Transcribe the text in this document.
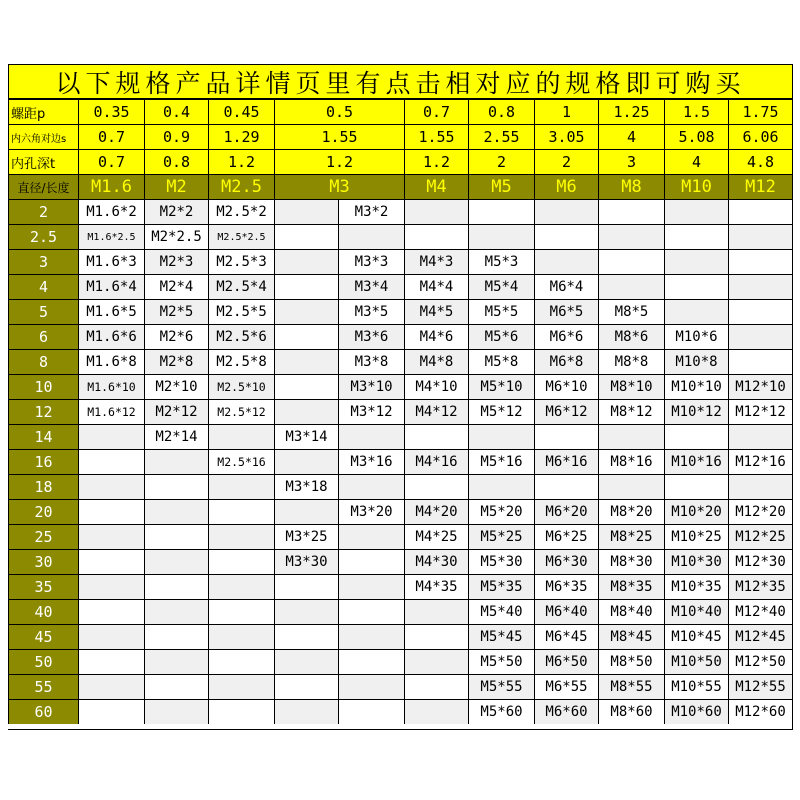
以下规格产品详情页里有点击相对应的规格即可购买
螺距p	0.35	0.4	0.45	0.5	0.7	0.8	1	1.25	1.5	1.75
内六角对边s	0.7	0.9	1.29	1.55	1.55	2.55	3.05	4	5.08	6.06
内孔深t	0.7	0.8	1.2	1.2	1.2	2	2	3	4	4.8
直径/长度	M1.6	M2	M2.5	M3	M4	M5	M6	M8	M10	M12
2	M1.6*2	M2*2	M2.5*2	M3*2
2.5	M1.6*2.5	M2*2.5	M2.5*2.5
3	M1.6*3	M2*3	M2.5*3	M3*3	M4*3	M5*3
4	M1.6*4	M2*4	M2.5*4	M3*4	M4*4	M5*4	M6*4
5	M1.6*5	M2*5	M2.5*5	M3*5	M4*5	M5*5	M6*5	M8*5
6	M1.6*6	M2*6	M2.5*6	M3*6	M4*6	M5*6	M6*6	M8*6	M10*6
8	M1.6*8	M2*8	M2.5*8	M3*8	M4*8	M5*8	M6*8	M8*8	M10*8
10	M1.6*10	M2*10	M2.5*10	M3*10	M4*10	M5*10	M6*10	M8*10	M10*10 M12*10
12	M1.6*12	M2*12	M2.5*12	M3*12	M4*12	M5*12	M6*12	M8*12	M10*12 M12*12
14	M2*14	M3*14
16	M2.5*16	M3*16	M4*16	M5*16	M6*16	M8*16	M10*16 M12*16
18	M3*18
20	M3*20	M4*20	M5*20	M6*20	M8*20	M10*20 M12*20
25	M3*25	M4*25	M5*25	M6*25	M8*25	M10*25 M12*25
30	M3*30	M4*30	M5*30	M6*30	M8*30	M10*30 M12*30
35	M4*35	M5*35	M6*35	M8*35	M10*35 M12*35
40	M5*40	M6*40	M8*40	M10*40 M12*40
45	M5*45	M6*45	M8*45	M10*45 M12*45
50	M5*50	M6*50	M8*50	M10*50 M12*50
55	M5*55	M6*55	M8*55	M10*55 M12*55
60	M5*60	M6*60	M8*60	M10*60 M12*60
